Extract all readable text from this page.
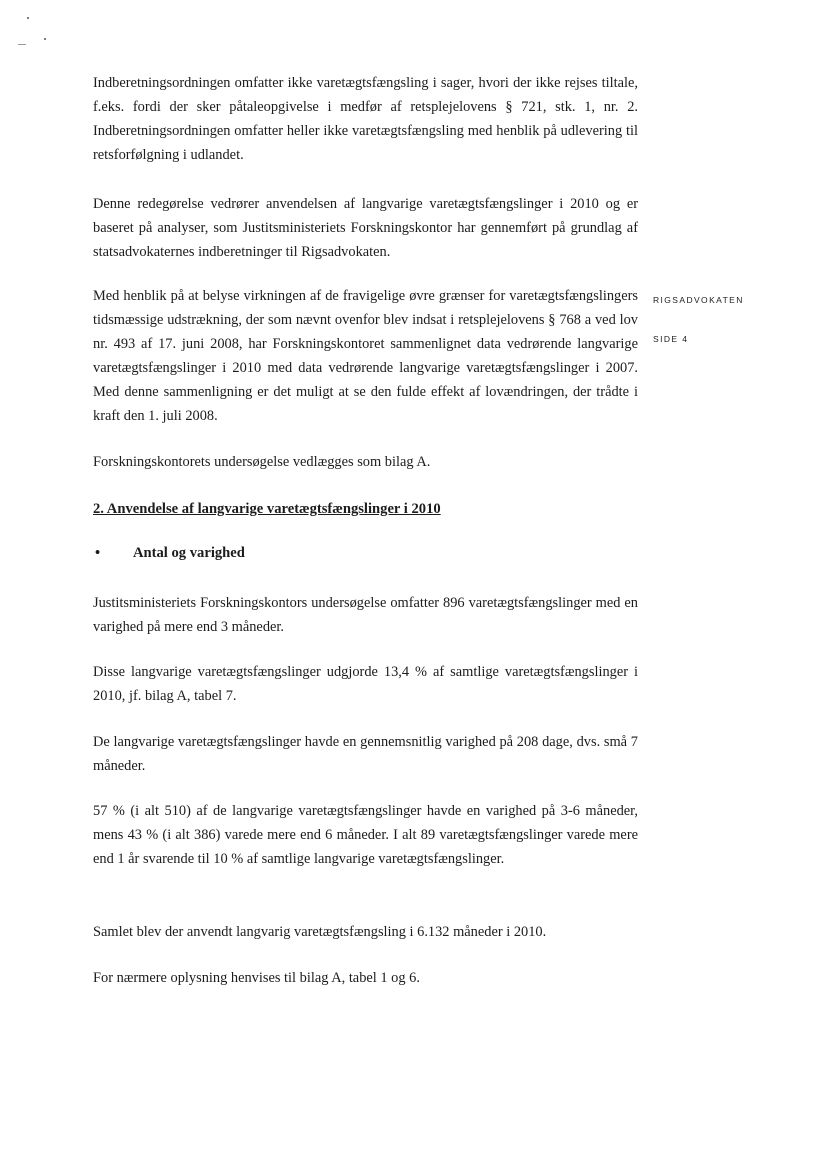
Indberetningsordningen omfatter ikke varetægtsfængsling i sager, hvori der ikke rejses tiltale, f.eks. fordi der sker påtaleopgivelse i medfør af retsplejelovens § 721, stk. 1, nr. 2. Indberetningsordningen omfatter heller ikke varetægtsfængsling med henblik på udlevering til retsforfølgning i udlandet.
Denne redegørelse vedrører anvendelsen af langvarige varetægtsfængslinger i 2010 og er baseret på analyser, som Justitsministeriets Forskningskontor har gennemført på grundlag af statsadvokaternes indberetninger til Rigsadvokaten.
RIGSADVOKATEN
SIDE 4
Med henblik på at belyse virkningen af de fravigelige øvre grænser for varetægtsfængslingers tidsmæssige udstrækning, der som nævnt ovenfor blev indsat i retsplejelovens § 768 a ved lov nr. 493 af 17. juni 2008, har Forskningskontoret sammenlignet data vedrørende langvarige varetægtsfængslinger i 2010 med data vedrørende langvarige varetægtsfængslinger i 2007. Med denne sammenligning er det muligt at se den fulde effekt af lovændringen, der trådte i kraft den 1. juli 2008.
Forskningskontorets undersøgelse vedlægges som bilag A.
2. Anvendelse af langvarige varetægtsfængslinger i 2010
• Antal og varighed
Justitsministeriets Forskningskontors undersøgelse omfatter 896 varetægtsfængslinger med en varighed på mere end 3 måneder.
Disse langvarige varetægtsfængslinger udgjorde 13,4 % af samtlige varetægtsfængslinger i 2010, jf. bilag A, tabel 7.
De langvarige varetægtsfængslinger havde en gennemsnitlig varighed på 208 dage, dvs. små 7 måneder.
57 % (i alt 510) af de langvarige varetægtsfængslinger havde en varighed på 3-6 måneder, mens 43 % (i alt 386) varede mere end 6 måneder. I alt 89 varetægtsfængslinger varede mere end 1 år svarende til 10 % af samtlige langvarige varetægtsfængslinger.
Samlet blev der anvendt langvarig varetægtsfængsling i 6.132 måneder i 2010.
For nærmere oplysning henvises til bilag A, tabel 1 og 6.
